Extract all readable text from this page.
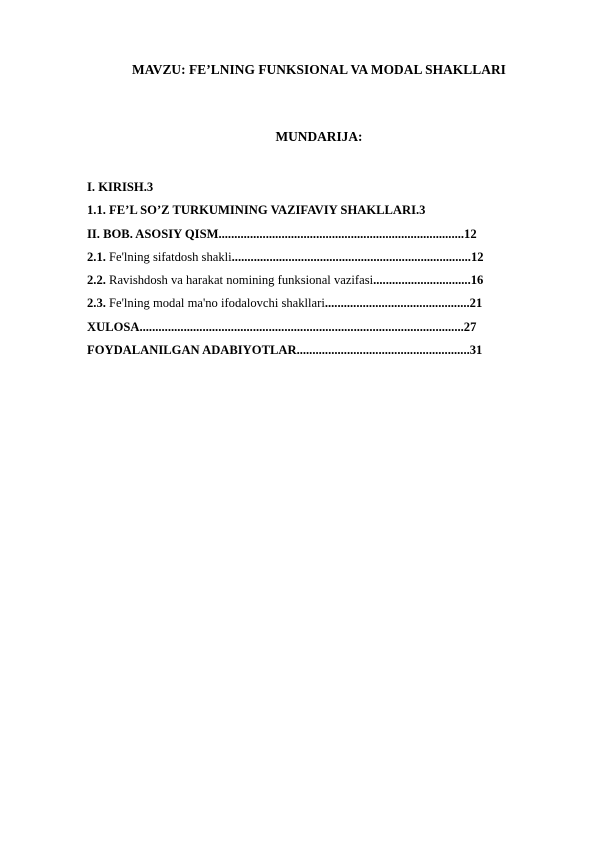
MAVZU: FE’LNING FUNKSIONAL VA MODAL SHAKLLARI
MUNDARIJA:
I. KIRISH.3
1.1. FE’L SO’Z TURKUMINING VAZIFAVIY SHAKLLARI.3
II. BOB. ASOSIY QISM..............................................................................12
2.1. Fe'lning sifatdosh shakli............................................................................12
2.2. Ravishdosh va harakat nomining funksional vazifasi...............................16
2.3. Fe'lning modal ma'no ifodalovchi shakllari..............................................21
XULOSA.......................................................................................................27
FOYDALANILGAN ADABIYOTLAR.......................................................31
